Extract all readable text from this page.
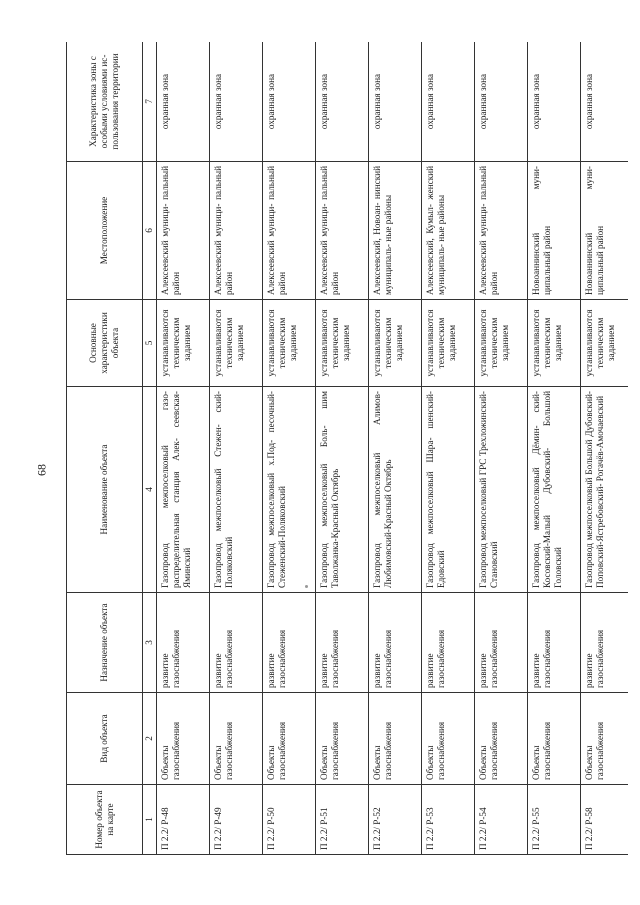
68
Номер объекта на карте	Вид объекта	Назначение объекта	Наименование объекта	Основные характеристики объекта	Местоположение	Характеристика зоны с особыми условиями ис- пользования территории
1	2	3	4	5	6	7
П 2.2/ Р-48	Объекты газоснабжения	развитие газоснабжения	Газопровод межпоселковый газо- распределительная станция Алек- сеевская-Яминский	устанавливаются техническим заданием	Алексеевский муници- пальный район	охранная зона
П 2.2/ Р-49	Объекты газоснабжения	развитие газоснабжения	Газопровод межпоселковый Стежен- ский-Поляковский	устанавливаются техническим заданием	Алексеевский муници- пальный район	охранная зона
П 2.2/ Р-50	Объекты газоснабжения	развитие газоснабжения	Газопровод межпоселковый х.Под- песочный-Стеженский-Поляковский	устанавливаются техническим заданием	Алексеевский муници- пальный район	охранная зона
П 2.2/ Р-51	Объекты газоснабжения	развитие газоснабжения	Газопровод межпоселковый Боль- шим Таволжанка-Красный Октябрь	устанавливаются техническим заданием	Алексеевский муници- пальный район	охранная зона
П 2.2/ Р-52	Объекты газоснабжения	развитие газоснабжения	Газопровод межпоселковый Алимов- Любимовский-Красный Октябрь	устанавливаются техническим заданием	Алексеевский, Новоан- нинский муниципаль- ные районы	охранная зона
П 2.2/ Р-53	Объекты газоснабжения	развитие газоснабжения	Газопровод межпоселковый Шара- шенский-Едовский	устанавливаются техническим заданием	Алексеевский, Кумыл- женский муниципаль- ные районы	охранная зона
П 2.2/ Р-54	Объекты газоснабжения	развитие газоснабжения	Газопровод межпоселковый ГРС Трехложинский- Становский	устанавливаются техническим заданием	Алексеевский муници- пальный район	охранная зона
П 2.2/ Р-55	Объекты газоснабжения	развитие газоснабжения	Газопровод межпоселковый Дёмин- ский-Косовский-Малый Дубовский- Большой Головский	устанавливаются техническим заданием	Новоаннинский муни- ципальный район	охранная зона
П 2.2/ Р-58	Объекты газоснабжения	развитие газоснабжения	Газопровод межпоселковый Большой Дубовский-Поповский-Ястребовский- Рогачёв-Амочаевский	устанавливаются техническим заданием	Новоаннинский муни- ципальный район	охранная зона
